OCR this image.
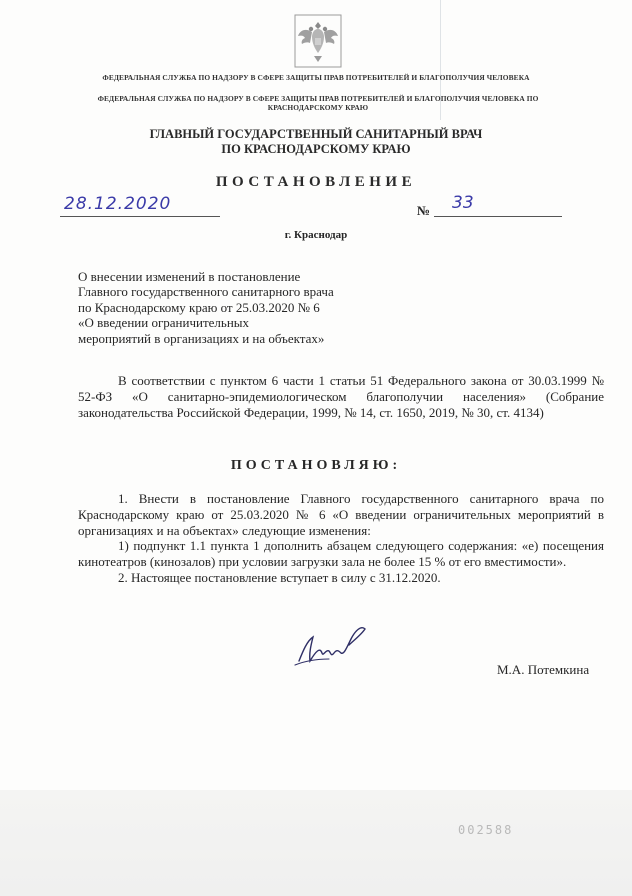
ФЕДЕРАЛЬНАЯ СЛУЖБА ПО НАДЗОРУ В СФЕРЕ ЗАЩИТЫ ПРАВ ПОТРЕБИТЕЛЕЙ И БЛАГОПОЛУЧИЯ ЧЕЛОВЕКА
ФЕДЕРАЛЬНАЯ СЛУЖБА ПО НАДЗОРУ В СФЕРЕ ЗАЩИТЫ ПРАВ ПОТРЕБИТЕЛЕЙ И БЛАГОПОЛУЧИЯ ЧЕЛОВЕКА ПО КРАСНОДАРСКОМУ КРАЮ
ГЛАВНЫЙ ГОСУДАРСТВЕННЫЙ САНИТАРНЫЙ ВРАЧ
ПО КРАСНОДАРСКОМУ КРАЮ
ПОСТАНОВЛЕНИЕ
28.12.2020	№ 33
г. Краснодар
О внесении изменений в постановление
Главного государственного санитарного врача
по Краснодарскому краю от 25.03.2020 № 6
«О введении ограничительных
мероприятий в организациях и на объектах»
В соответствии с пунктом 6 части 1 статьи 51 Федерального закона от 30.03.1999 № 52-ФЗ «О санитарно-эпидемиологическом благополучии населения» (Собрание законодательства Российской Федерации, 1999, № 14, ст. 1650, 2019, № 30, ст. 4134)
ПОСТАНОВЛЯЮ:

1. Внести в постановление Главного государственного санитарного врача по Краснодарскому краю от 25.03.2020 № 6 «О введении ограничительных мероприятий в организациях и на объектах» следующие изменения:

1) подпункт 1.1 пункта 1 дополнить абзацем следующего содержания: «е) посещения кинотеатров (кинозалов) при условии загрузки зала не более 15 % от его вместимости».

2. Настоящее постановление вступает в силу с 31.12.2020.

М.А. Потемкина
002588
